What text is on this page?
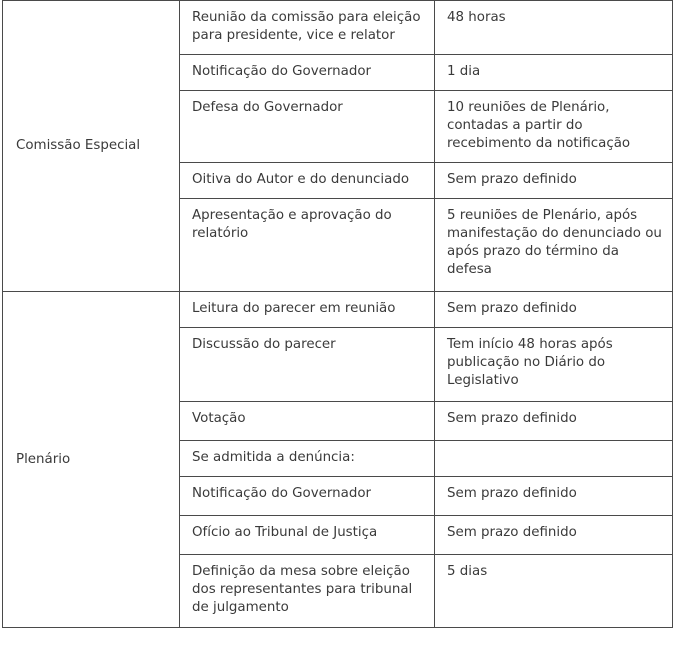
Comissão Especial	Reunião da comissão para eleição
para presidente, vice e relator	48 horas
	Notificação do Governador	1 dia
	Defesa do Governador	10 reuniões de Plenário,
contadas a partir do
recebimento da notificação
	Oitiva do Autor e do denunciado	Sem prazo definido
	Apresentação e aprovação do
relatório	5 reuniões de Plenário, após
manifestação do denunciado ou
após prazo do término da
defesa
Plenário	Leitura do parecer em reunião	Sem prazo definido
	Discussão do parecer	Tem início 48 horas após
publicação no Diário do
Legislativo
	Votação	Sem prazo definido
	Se admitida a denúncia:	
	Notificação do Governador	Sem prazo definido
	Ofício ao Tribunal de Justiça	Sem prazo definido
	Definição da mesa sobre eleição
dos representantes para tribunal
de julgamento	5 dias
